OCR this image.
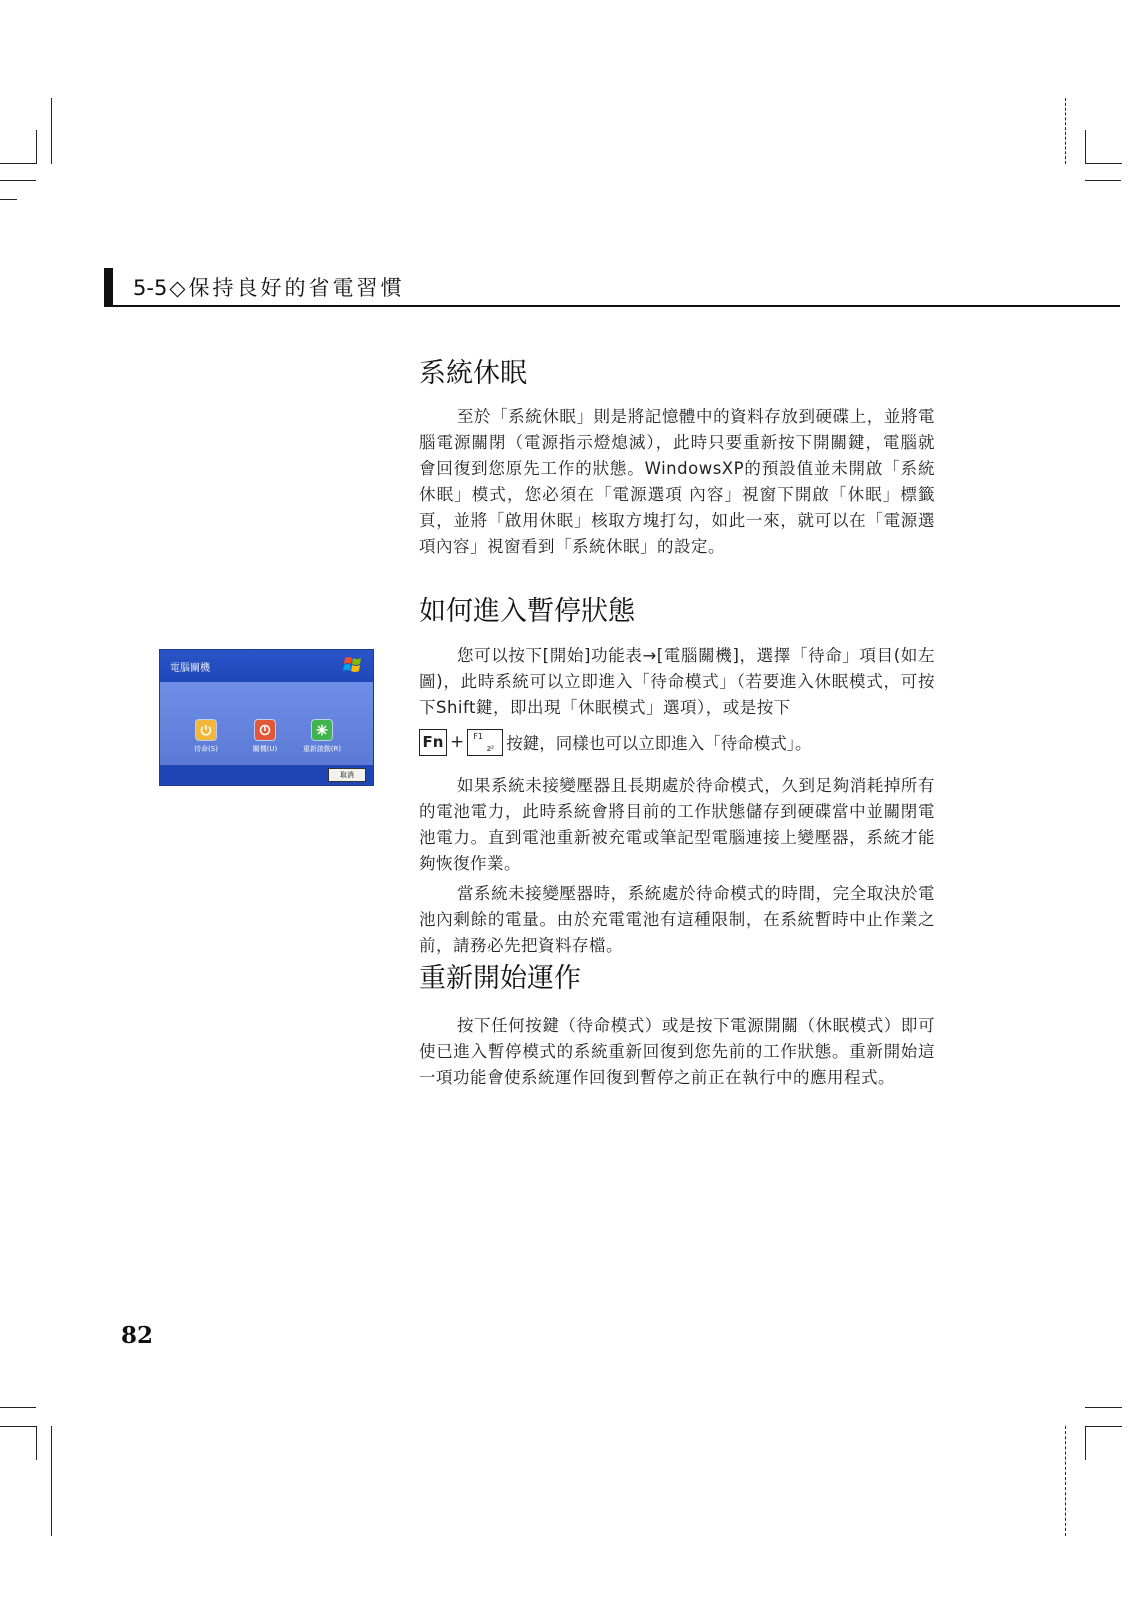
5-5◇保持良好的省電習慣
系統休眠

至於「系統休眠」則是將記憶體中的資料存放到硬碟上，並將電腦電源關閉（電源指示燈熄滅），此時只要重新按下開關鍵，電腦就會回復到您原先工作的狀態。WindowsXP的預設值並未開啟「系統休眠」模式，您必須在「電源選項 內容」視窗下開啟「休眠」標籤頁，並將「啟用休眠」核取方塊打勾，如此一來，就可以在「電源選項內容」視窗看到「系統休眠」的設定。

如何進入暫停狀態

您可以按下[開始]功能表→[電腦關機]，選擇「待命」項目(如左圖)，此時系統可以立即進入「待命模式」（若要進入休眠模式，可按下Shift鍵，即出現「休眠模式」選項），或是按下

Fn + F1
z² 按鍵，同樣也可以立即進入「待命模式」。

如果系統未接變壓器且長期處於待命模式，久到足夠消耗掉所有的電池電力，此時系統會將目前的工作狀態儲存到硬碟當中並關閉電池電力。直到電池重新被充電或筆記型電腦連接上變壓器，系統才能夠恢復作業。

當系統未接變壓器時，系統處於待命模式的時間，完全取決於電池內剩餘的電量。由於充電電池有這種限制，在系統暫時中止作業之前，請務必先把資料存檔。

重新開始運作

按下任何按鍵（待命模式）或是按下電源開關（休眠模式）即可使已進入暫停模式的系統重新回復到您先前的工作狀態。重新開始這一項功能會使系統運作回復到暫停之前正在執行中的應用程式。

電腦關機
待命(S)	關機(U)	重新啟動(R)
取消
82
